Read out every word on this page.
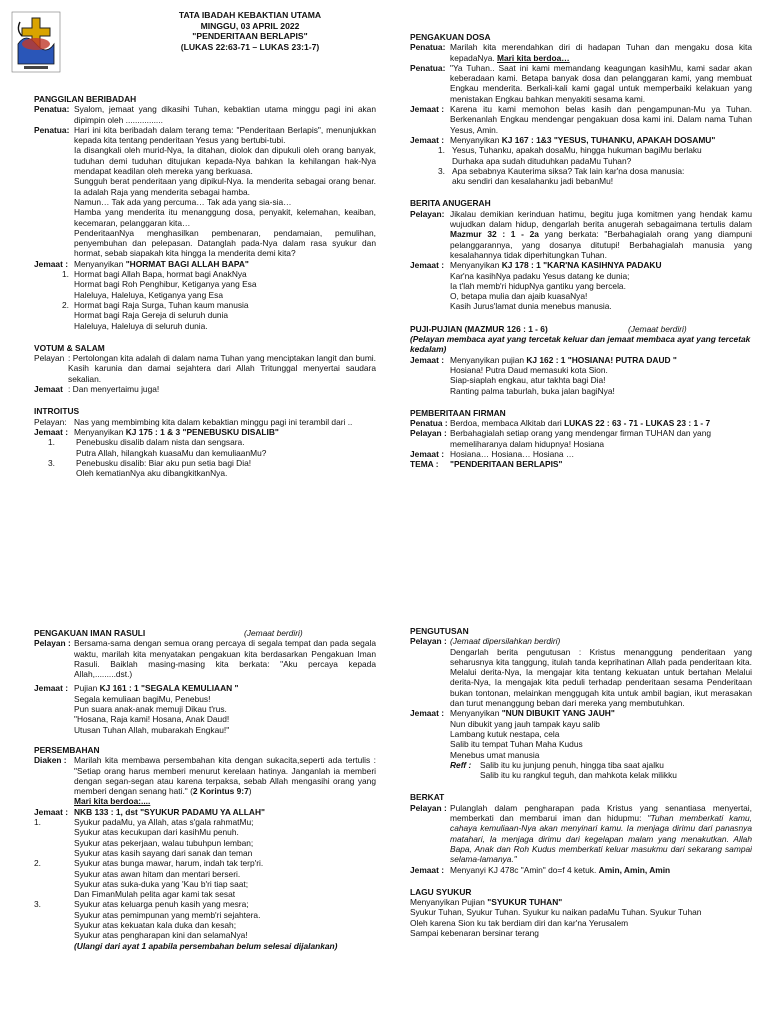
TATA IBADAH KEBAKTIAN UTAMA
MINGGU, 03 APRIL 2022
"PENDERITAAN BERLAPIS"
(LUKAS 22:63-71 – LUKAS 23:1-7)
PANGGILAN BERIBADAH
Penatua: Syalom, jemaat yang dikasihi Tuhan, kebaktian utama minggu pagi ini akan dipimpin oleh ................
Penatua: Hari ini kita beribadah dalam terang tema: "Penderitaan Berlapis", menunjukkan kepada kita tentang penderitaan Yesus yang bertubi-tubi.
Ia disangkali oleh murid-Nya, Ia ditahan, diolok dan dipukuli oleh orang banyak, tuduhan demi tuduhan ditujukan kepada-Nya bahkan Ia kehilangan hak-Nya mendapat keadilan oleh mereka yang berkuasa.
Sungguh berat penderitaan yang dipikul-Nya. Ia menderita sebagai orang benar. Ia adalah Raja yang menderita sebagai hamba.
Namun… Tak ada yang percuma… Tak ada yang sia-sia…
Hamba yang menderita itu menanggung dosa, penyakit, kelemahan, keaiban, kecemaran, pelanggaran kita…
PenderitaanNya menghasilkan pembenaran, pendamaian, pemulihan, penyembuhan dan pelepasan. Datanglah pada-Nya dalam rasa syukur dan hormat, sebab siapakah kita hingga Ia menderita demi kita?
Jemaat : Menyanyikan "HORMAT BAGI ALLAH BAPA"
1. Hormat bagi Allah Bapa, hormat bagi AnakNya
Hormat bagi Roh Penghibur, Ketiganya yang Esa
Haleluya, Haleluya, Ketiganya yang Esa
2. Hormat bagi Raja Surga, Tuhan kaum manusia
Hormat bagi Raja Gereja di seluruh dunia
Haleluya, Haleluya di seluruh dunia.
VOTUM & SALAM
Pelayan : Pertolongan kita adalah di dalam nama Tuhan yang menciptakan langit dan bumi. Kasih karunia dan damai sejahtera dari Allah Tritunggal menyertai saudara sekalian.
Jemaat : Dan menyertaimu juga!
INTROITUS
Pelayan: Nas yang membimbing kita dalam kebaktian minggu pagi ini terambil dari ..
Jemaat : Menyanyikan KJ 175 : 1 & 3 "PENEBUSKU DISALIB"
1.	Penebusku disalib dalam nista dan sengsara.
Putra Allah, hilangkah kuasaMu dan kemuliaanMu?
3.	Penebusku disalib: Biar aku pun setia bagi Dia!
Oleh kematianNya aku dibangkitkanNya.
PENGAKUAN IMAN RASULI	(Jemaat berdiri)
Pelayan : Bersama-sama dengan semua orang percaya di segala tempat dan pada segala waktu, marilah kita menyatakan pengakuan kita berdasarkan Pengakuan Iman Rasuli. Baiklah masing-masing kita berkata: "Aku percaya kepada Allah,.........dst.)
Jemaat : Pujian KJ 161 : 1 "SEGALA KEMULIAAN "
Segala kemuliaan bagiMu, Penebus!
Pun suara anak-anak memuji Dikau t'rus.
"Hosana, Raja kami! Hosana, Anak Daud!
Utusan Tuhan Allah, mubarakah Engkau!"
PERSEMBAHAN
Diaken : Marilah kita membawa persembahan kita dengan sukacita,seperti ada tertulis : "Setiap orang harus memberi menurut kerelaan hatinya. Janganlah ia memberi dengan segan-segan atau karena terpaksa, sebab Allah mengasihi orang yang memberi dengan senang hati." (2 Korintus 9:7)
Mari kita berdoa:....
Jemaat : NKB 133 : 1, dst "SYUKUR PADAMU YA ALLAH"
1.	Syukur padaMu, ya Allah, atas s'gala rahmatMu;
Syukur atas kecukupan dari kasihMu penuh.
Syukur atas pekerjaan, walau tubuhpun lemban;
Syukur atas kasih sayang dari sanak dan teman
2.	Syukur atas bunga mawar, harum, indah tak terp'ri.
Syukur atas awan hitam dan mentari berseri.
Syukur atas suka-duka yang 'Kau b'ri tiap saat;
Dan FimanMulah pelita agar kami tak sesat
3.	Syukur atas keluarga penuh kasih yang mesra;
Syukur atas pemimpunan yang memb'ri sejahtera.
Syukur atas kekuatan kala duka dan kesah;
Syukur atas pengharapan kini dan selamaNya!
(Ulangi dari ayat 1 apabila persembahan belum selesai dijalankan)
PENGAKUAN DOSA
Penatua: Marilah kita merendahkan diri di hadapan Tuhan dan mengaku dosa kita kepadaNya. Mari kita berdoa…
Penatua: "Ya Tuhan.. Saat ini kami memandang keagungan kasihMu, kami sadar akan keberadaan kami. Betapa banyak dosa dan pelanggaran kami, yang membuat Engkau menderita. Berkali-kali kami gagal untuk memperbaiki kelakuan yang menistakan Engkau bahkan menyakiti sesama kami.
Jemaat : Karena itu kami memohon belas kasih dan pengampunan-Mu ya Tuhan. Berkenanlah Engkau mendengar pengakuan dosa kami ini. Dalam nama Tuhan Yesus, Amin.
Jemaat : Menyanyikan KJ 167 : 1&3 "YESUS, TUHANKU, APAKAH DOSAMU"
1. Yesus, Tuhanku, apakah dosaMu, hingga hukuman bagiMu berlaku
Durhaka apa sudah dituduhkan padaMu Tuhan?
3. Apa sebabnya Kauterima siksa? Tak lain kar'na dosa manusia:
aku sendiri dan kesalahanku jadi bebanMu!
BERITA ANUGERAH
Pelayan: Jikalau demikian kerinduan hatimu, begitu juga komitmen yang hendak kamu wujudkan dalam hidup, dengarlah berita anugerah sebagaimana tertulis dalam Mazmur 32 : 1 - 2a yang berkata: "Berbahagialah orang yang diampuni pelanggarannya, yang dosanya ditutupi! Berbahagialah manusia yang kesalahannya tidak diperhitungkan Tuhan.
Jemaat : Menyanyikan KJ 178 : 1 "KAR'NA KASIHNYA PADAKU
Kar'na kasihNya padaku Yesus datang ke dunia;
Ia t'lah memb'ri hidupNya gantiku yang bercela.
O, betapa mulia dan ajaib kuasaNya!
Kasih Jurus'lamat dunia menebus manusia.
PUJI-PUJIAN (MAZMUR 126 : 1 - 6)	(Jemaat berdiri)
(Pelayan membaca ayat yang tercetak keluar dan jemaat membaca ayat yang tercetak kedalam)
Jemaat : Menyanyikan pujian KJ 162 : 1 "HOSIANA! PUTRA DAUD "
Hosiana! Putra Daud memasuki kota Sion.
Siap-siaplah engkau, atur takhta bagi Dia!
Ranting palma taburlah, buka jalan bagiNya!
PEMBERITAAN FIRMAN
Penatua : Berdoa, membaca Alkitab dari LUKAS 22 : 63 - 71 - LUKAS 23 : 1 - 7
Pelayan : Berbahagialah setiap orang yang mendengar firman TUHAN dan yang memeliharanya dalam hidupnya! Hosiana
Jemaat : Hosiana… Hosiana… Hosiana …
TEMA :	"PENDERITAAN BERLAPIS"
PENGUTUSAN
Pelayan : (Jemaat dipersilahkan berdiri)
Dengarlah berita pengutusan : Kristus menanggung penderitaan yang seharusnya kita tanggung, itulah tanda keprihatinan Allah pada penderitaan kita. Melalui derita-Nya, Ia mengajar kita tentang kekuatan untuk bertahan Melalui derita-Nya, Ia mengajak kita peduli terhadap penderitaan sesama Penderitaan bukan tontonan, melainkan menggugah kita untuk ambil bagian, ikut merasakan dan turut menanggung beban dari mereka yang membutuhkan.
Jemaat : Menyanyikan "NUN DIBUKIT YANG JAUH"
Nun dibukit yang jauh tampak kayu salib
Lambang kutuk nestapa, cela
Salib itu tempat Tuhan Maha Kudus
Menebus umat manusia
Reff :	Salib itu ku junjung penuh, hingga tiba saat ajalku
Salib itu ku rangkul teguh, dan mahkota kelak milikku
BERKAT
Pelayan : Pulanglah dalam pengharapan pada Kristus yang senantiasa menyertai, memberkati dan membarui iman dan hidupmu: "Tuhan memberkati kamu, cahaya kemuliaan-Nya akan menyinari kamu. Ia menjaga dirimu dari panasnya matahari, Ia menjaga dirimu dari kegelapan malam yang menakutkan. Allah Bapa, Anak dan Roh Kudus memberkati keluar masukmu dari sekarang sampai selama-lamanya."
Jemaat : Menyanyi KJ 478c "Amin" do=f 4 ketuk. Amin, Amin, Amin
LAGU SYUKUR
Menyanyikan Pujian "SYUKUR TUHAN"
Syukur Tuhan, Syukur Tuhan. Syukur ku naikan padaMu Tuhan. Syukur Tuhan
Oleh karena Sion ku tak berdiam diri dan kar'na Yerusalem
Sampai kebenaran bersinar terang
